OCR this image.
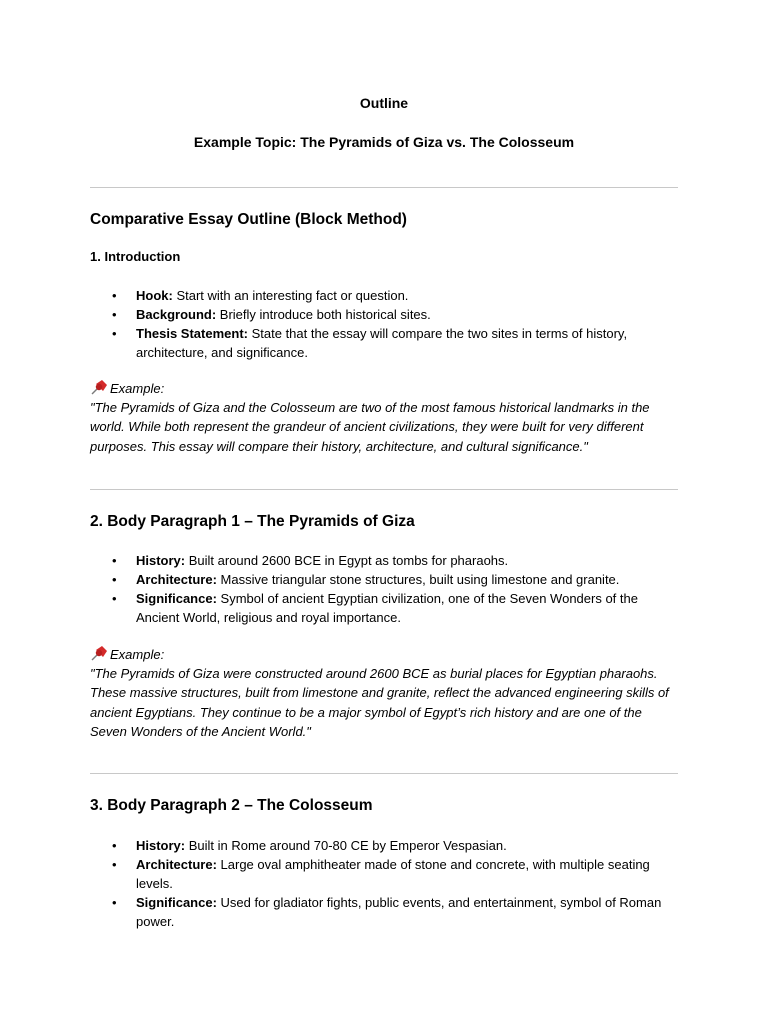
Outline
Example Topic: The Pyramids of Giza vs. The Colosseum
Comparative Essay Outline (Block Method)
1. Introduction
• Hook: Start with an interesting fact or question.
• Background: Briefly introduce both historical sites.
• Thesis Statement: State that the essay will compare the two sites in terms of history, architecture, and significance.
Example:
"The Pyramids of Giza and the Colosseum are two of the most famous historical landmarks in the world. While both represent the grandeur of ancient civilizations, they were built for very different purposes. This essay will compare their history, architecture, and cultural significance."
2. Body Paragraph 1 – The Pyramids of Giza
• History: Built around 2600 BCE in Egypt as tombs for pharaohs.
• Architecture: Massive triangular stone structures, built using limestone and granite.
• Significance: Symbol of ancient Egyptian civilization, one of the Seven Wonders of the Ancient World, religious and royal importance.
Example:
"The Pyramids of Giza were constructed around 2600 BCE as burial places for Egyptian pharaohs. These massive structures, built from limestone and granite, reflect the advanced engineering skills of ancient Egyptians. They continue to be a major symbol of Egypt’s rich history and are one of the Seven Wonders of the Ancient World."
3. Body Paragraph 2 – The Colosseum
• History: Built in Rome around 70-80 CE by Emperor Vespasian.
• Architecture: Large oval amphitheater made of stone and concrete, with multiple seating levels.
• Significance: Used for gladiator fights, public events, and entertainment, symbol of Roman power.
